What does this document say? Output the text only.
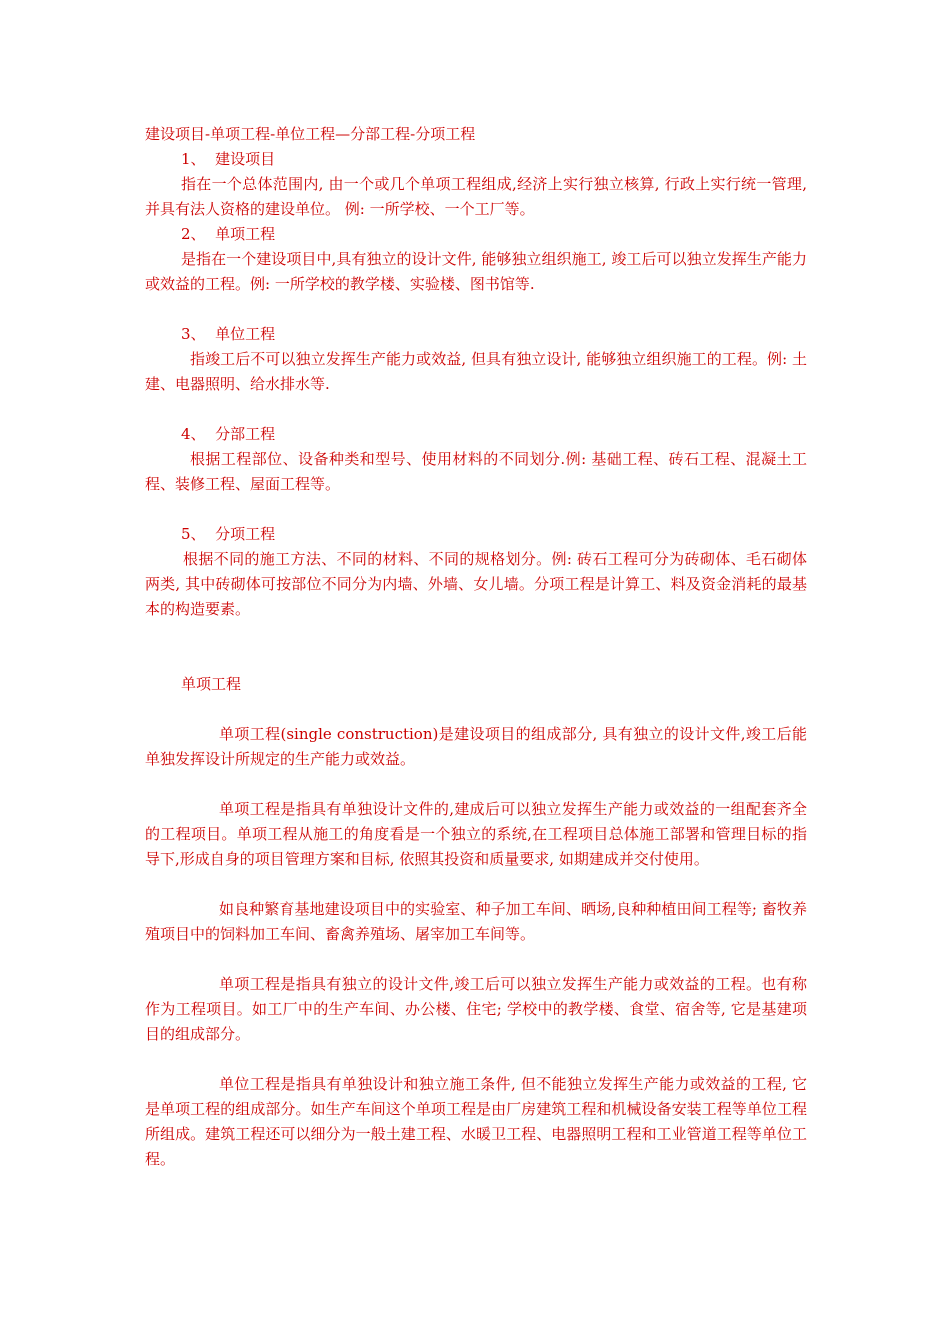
建设项目-单项工程-单位工程—分部工程-分项工程
1、  建设项目

指在一个总体范围内, 由一个或几个单项工程组成,经济上实行独立核算, 行政上实行统一管理, 并具有法人资格的建设单位。 例: 一所学校、一个工厂等。

2、  单项工程

是指在一个建设项目中,具有独立的设计文件, 能够独立组织施工, 竣工后可以独立发挥生产能力或效益的工程。例: 一所学校的教学楼、实验楼、图书馆等.

3、  单位工程

指竣工后不可以独立发挥生产能力或效益, 但具有独立设计, 能够独立组织施工的工程。例: 土建、电器照明、给水排水等.

4、  分部工程

根据工程部位、设备种类和型号、使用材料的不同划分.例: 基础工程、砖石工程、混凝土工程、装修工程、屋面工程等。

5、  分项工程

根据不同的施工方法、不同的材料、不同的规格划分。例: 砖石工程可分为砖砌体、毛石砌体两类, 其中砖砌体可按部位不同分为内墙、外墙、女儿墙。分项工程是计算工、料及资金消耗的最基本的构造要素。

单项工程

单项工程(single construction)是建设项目的组成部分, 具有独立的设计文件,竣工后能单独发挥设计所规定的生产能力或效益。

单项工程是指具有单独设计文件的,建成后可以独立发挥生产能力或效益的一组配套齐全的工程项目。单项工程从施工的角度看是一个独立的系统,在工程项目总体施工部署和管理目标的指导下,形成自身的项目管理方案和目标, 依照其投资和质量要求, 如期建成并交付使用。

如良种繁育基地建设项目中的实验室、种子加工车间、晒场,良种种植田间工程等; 畜牧养殖项目中的饲料加工车间、畜禽养殖场、屠宰加工车间等。

单项工程是指具有独立的设计文件,竣工后可以独立发挥生产能力或效益的工程。也有称作为工程项目。如工厂中的生产车间、办公楼、住宅; 学校中的教学楼、食堂、宿舍等, 它是基建项目的组成部分。

单位工程是指具有单独设计和独立施工条件, 但不能独立发挥生产能力或效益的工程, 它是单项工程的组成部分。如生产车间这个单项工程是由厂房建筑工程和机械设备安装工程等单位工程所组成。建筑工程还可以细分为一般土建工程、水暖卫工程、电器照明工程和工业管道工程等单位工程。
